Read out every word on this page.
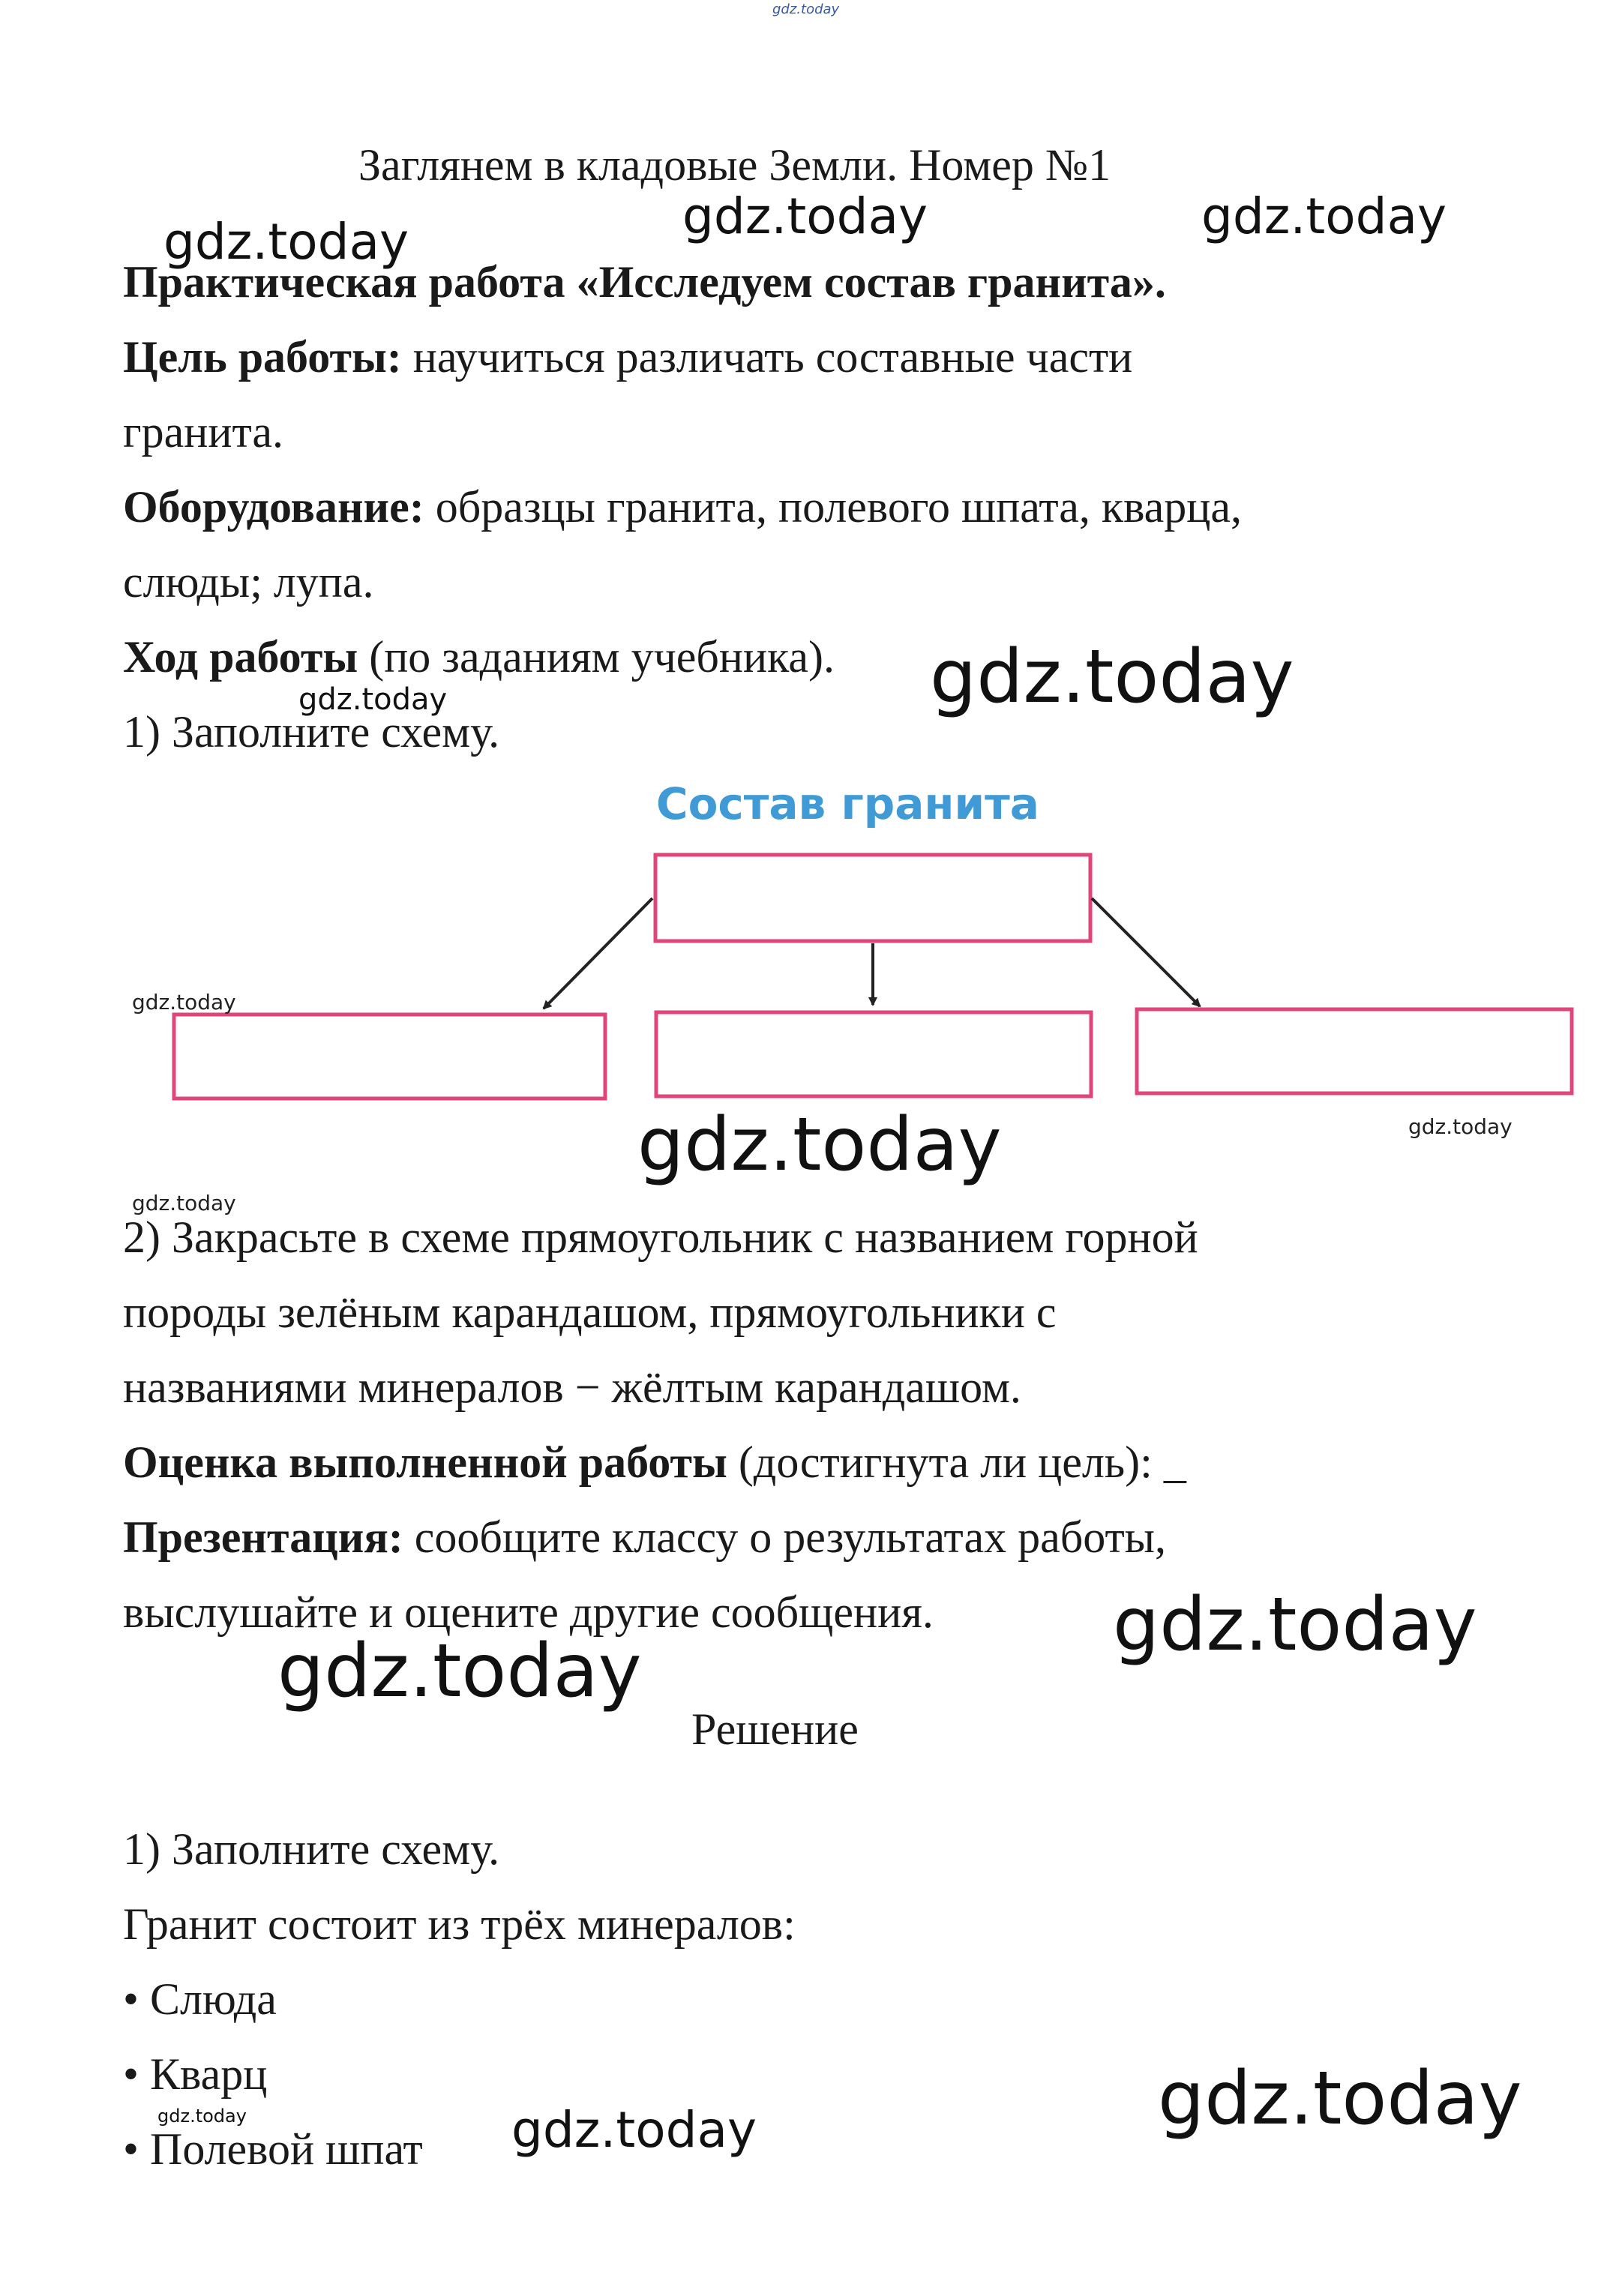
gdz.today
Заглянем в кладовые Земли. Номер №1
Практическая работа «Исследуем состав гранита».
Цель работы: научиться различать составные части
гранита.
Оборудование: образцы гранита, полевого шпата, кварца,
слюды; лупа.
Ход работы (по заданиям учебника).
1) Заполните схему.
Состав гранита
2) Закрасьте в схеме прямоугольник с названием горной
породы зелёным карандашом, прямоугольники с
названиями минералов − жёлтым карандашом.
Оценка выполненной работы (достигнута ли цель): _
Презентация: сообщите классу о результатах работы,
выслушайте и оцените другие сообщения.
Решение
1) Заполните схему.
Гранит состоит из трёх минералов:
• Слюда
• Кварц
• Полевой шпат
gdz.today	gdz.today	gdz.today
gdz.today
gdz.today
gdz.today
gdz.today	gdz.today
gdz.today
gdz.today
gdz.today
gdz.today
gdz.today	gdz.today
